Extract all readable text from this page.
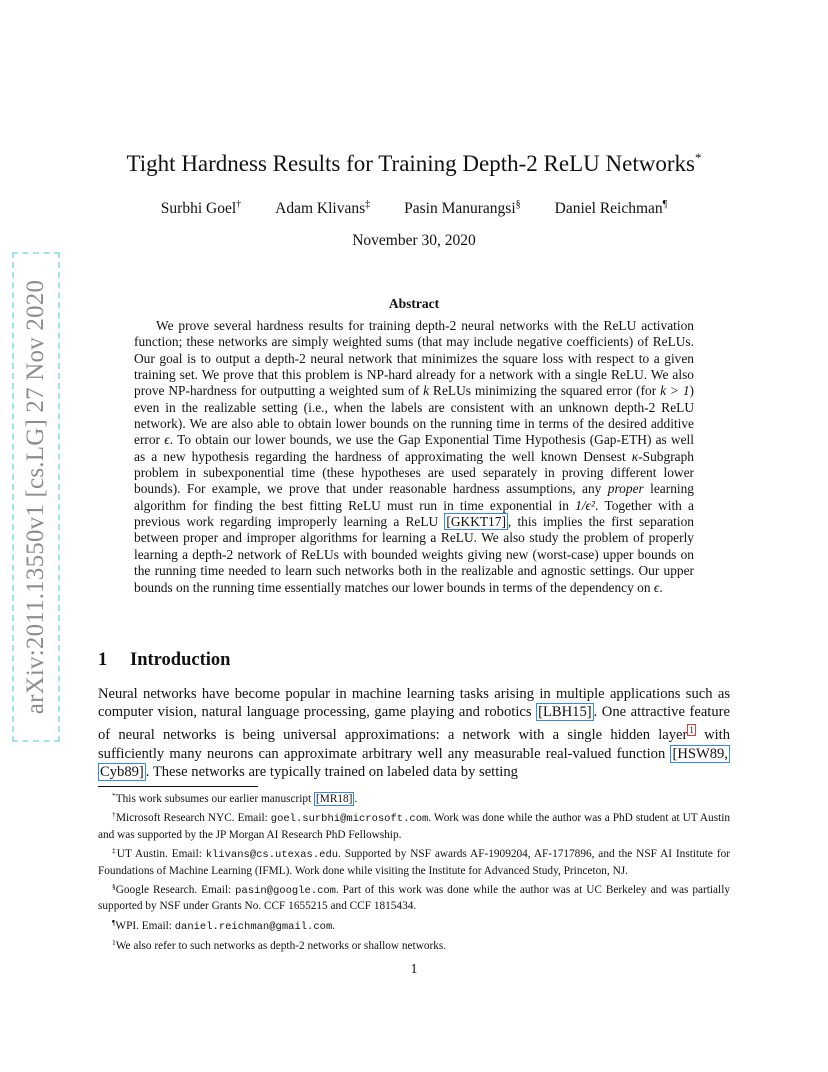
arXiv:2011.13550v1 [cs.LG] 27 Nov 2020
Tight Hardness Results for Training Depth-2 ReLU Networks*
Surbhi Goel† Adam Klivans‡ Pasin Manurangsi§ Daniel Reichman¶
November 30, 2020
Abstract
We prove several hardness results for training depth-2 neural networks with the ReLU activation function; these networks are simply weighted sums (that may include negative coefficients) of ReLUs. Our goal is to output a depth-2 neural network that minimizes the square loss with respect to a given training set. We prove that this problem is NP-hard already for a network with a single ReLU. We also prove NP-hardness for outputting a weighted sum of k ReLUs minimizing the squared error (for k > 1) even in the realizable setting (i.e., when the labels are consistent with an unknown depth-2 ReLU network). We are also able to obtain lower bounds on the running time in terms of the desired additive error ϵ. To obtain our lower bounds, we use the Gap Exponential Time Hypothesis (Gap-ETH) as well as a new hypothesis regarding the hardness of approximating the well known Densest κ-Subgraph problem in subexponential time (these hypotheses are used separately in proving different lower bounds). For example, we prove that under reasonable hardness assumptions, any proper learning algorithm for finding the best fitting ReLU must run in time exponential in 1/ϵ². Together with a previous work regarding improperly learning a ReLU [GKKT17] , this implies the first separation between proper and improper algorithms for learning a ReLU. We also study the problem of properly learning a depth-2 network of ReLUs with bounded weights giving new (worst-case) upper bounds on the running time needed to learn such networks both in the realizable and agnostic settings. Our upper bounds on the running time essentially matches our lower bounds in terms of the dependency on ϵ.
1 Introduction
Neural networks have become popular in machine learning tasks arising in multiple applications such as computer vision, natural language processing, game playing and robotics [LBH15] . One attractive feature of neural networks is being universal approximations: a network with a single hidden layer $^1$ with sufficiently many neurons can approximate arbitrary well any measurable real-valued function [HSW89, Cyb89] . These networks are typically trained on labeled data by setting

*This work subsumes our earlier manuscript [MR18] .

†Microsoft Research NYC. Email: goel.surbhi@microsoft.com. Work was done while the author was a PhD student at UT Austin and was supported by the JP Morgan AI Research PhD Fellowship.

‡UT Austin. Email: klivans@cs.utexas.edu. Supported by NSF awards AF-1909204, AF-1717896, and the NSF AI Institute for Foundations of Machine Learning (IFML). Work done while visiting the Institute for Advanced Study, Princeton, NJ.

§Google Research. Email: pasin@google.com. Part of this work was done while the author was at UC Berkeley and was partially supported by NSF under Grants No. CCF 1655215 and CCF 1815434.

¶WPI. Email: daniel.reichman@gmail.com.

$^1$We also refer to such networks as depth-2 networks or shallow networks.

1
